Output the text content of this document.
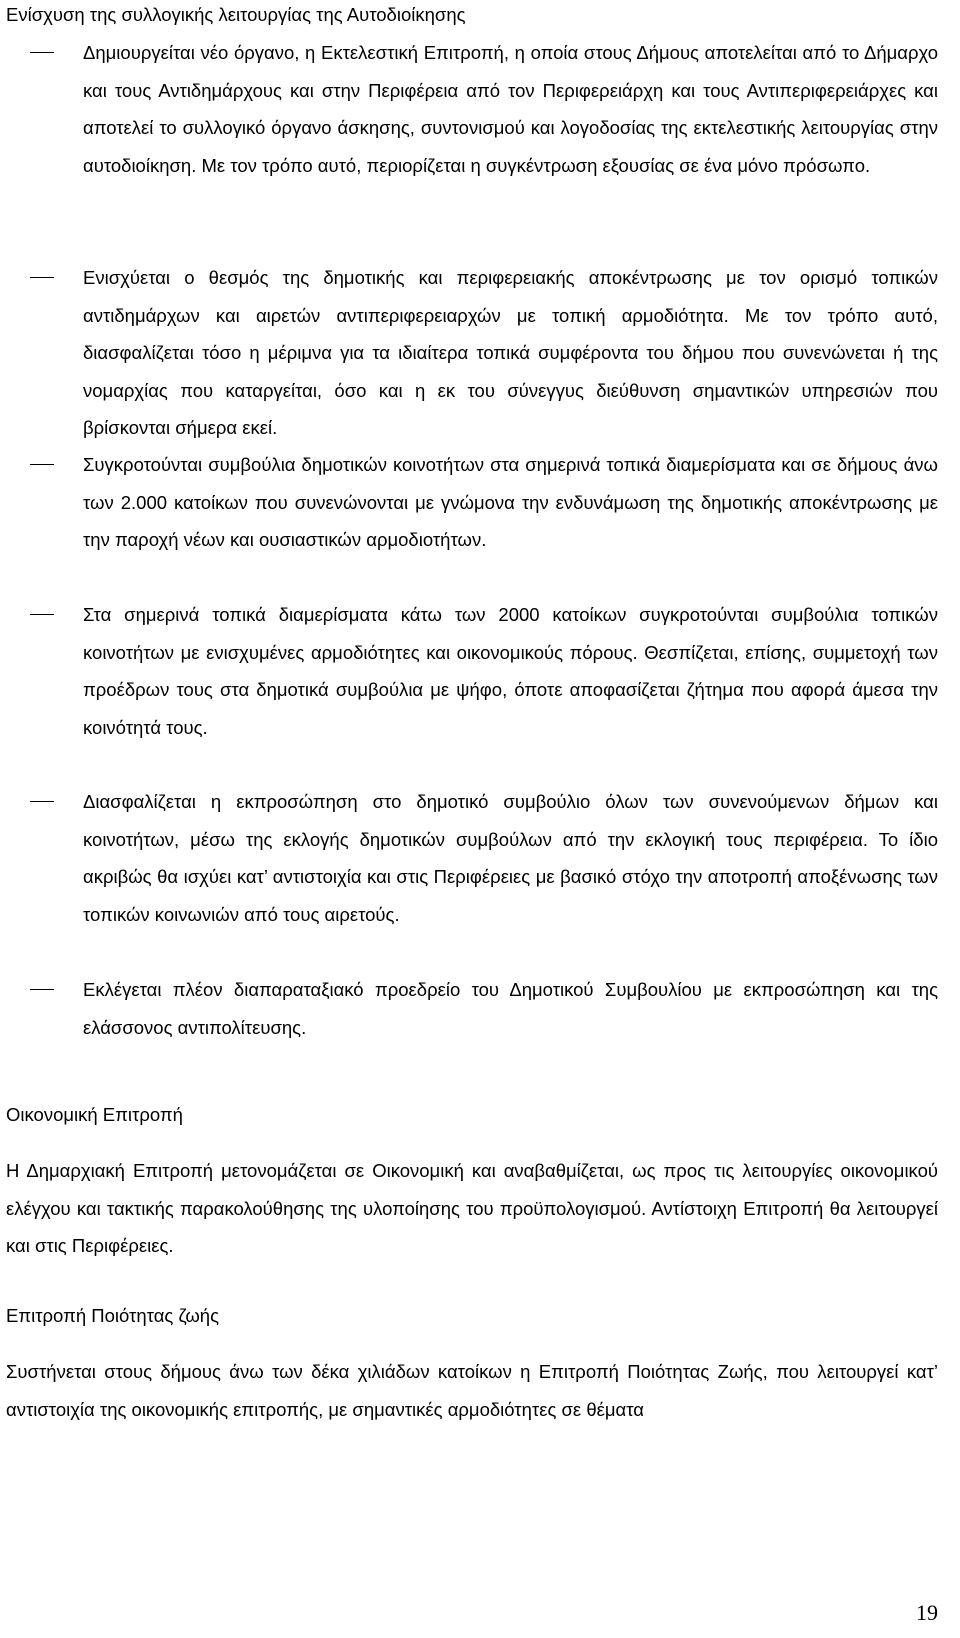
Ενίσχυση της συλλογικής λειτουργίας της Αυτοδιοίκησης
Δημιουργείται νέο όργανο, η Εκτελεστική Επιτροπή, η οποία στους Δήμους αποτελείται από το Δήμαρχο και τους Αντιδημάρχους και στην Περιφέρεια από τον Περιφερειάρχη και τους Αντιπεριφερειάρχες και αποτελεί το συλλογικό όργανο άσκησης, συντονισμού και λογοδοσίας της εκτελεστικής λειτουργίας στην αυτοδιοίκηση. Με τον τρόπο αυτό, περιορίζεται η συγκέντρωση εξουσίας σε ένα μόνο πρόσωπο.
Ενισχύεται ο θεσμός της δημοτικής και περιφερειακής αποκέντρωσης με τον ορισμό τοπικών αντιδημάρχων και αιρετών αντιπεριφερειαρχών με τοπική αρμοδιότητα. Με τον τρόπο αυτό, διασφαλίζεται τόσο η μέριμνα για τα ιδιαίτερα τοπικά συμφέροντα του δήμου που συνενώνεται ή της νομαρχίας που καταργείται, όσο και η εκ του σύνεγγυς διεύθυνση σημαντικών υπηρεσιών που βρίσκονται σήμερα εκεί.
Συγκροτούνται συμβούλια δημοτικών κοινοτήτων στα σημερινά τοπικά διαμερίσματα και σε δήμους άνω των 2.000 κατοίκων που συνενώνονται με γνώμονα την ενδυνάμωση της δημοτικής αποκέντρωσης με την παροχή νέων και ουσιαστικών αρμοδιοτήτων.
Στα σημερινά τοπικά διαμερίσματα κάτω των 2000 κατοίκων συγκροτούνται συμβούλια τοπικών κοινοτήτων με ενισχυμένες αρμοδιότητες και οικονομικούς πόρους. Θεσπίζεται, επίσης, συμμετοχή των προέδρων τους στα δημοτικά συμβούλια με ψήφο, όποτε αποφασίζεται ζήτημα που αφορά άμεσα την κοινότητά τους.
Διασφαλίζεται η εκπροσώπηση στο δημοτικό συμβούλιο όλων των συνενούμενων δήμων και κοινοτήτων, μέσω της εκλογής δημοτικών συμβούλων από την εκλογική τους περιφέρεια. Το ίδιο ακριβώς θα ισχύει κατ’ αντιστοιχία και στις Περιφέρειες με βασικό στόχο την αποτροπή αποξένωσης των τοπικών κοινωνιών από τους αιρετούς.
Εκλέγεται πλέον διαπαραταξιακό προεδρείο του Δημοτικού Συμβουλίου με εκπροσώπηση και της ελάσσονος αντιπολίτευσης.
Οικονομική Επιτροπή

Η Δημαρχιακή Επιτροπή μετονομάζεται σε Οικονομική και αναβαθμίζεται, ως προς τις λειτουργίες οικονομικού ελέγχου και τακτικής παρακολούθησης της υλοποίησης του προϋπολογισμού. Αντίστοιχη Επιτροπή θα λειτουργεί και στις Περιφέρειες.

Επιτροπή Ποιότητας ζωής

Συστήνεται στους δήμους άνω των δέκα χιλιάδων κατοίκων η Επιτροπή Ποιότητας Ζωής, που λειτουργεί κατ’ αντιστοιχία της οικονομικής επιτροπής, με σημαντικές αρμοδιότητες σε θέματα

19
